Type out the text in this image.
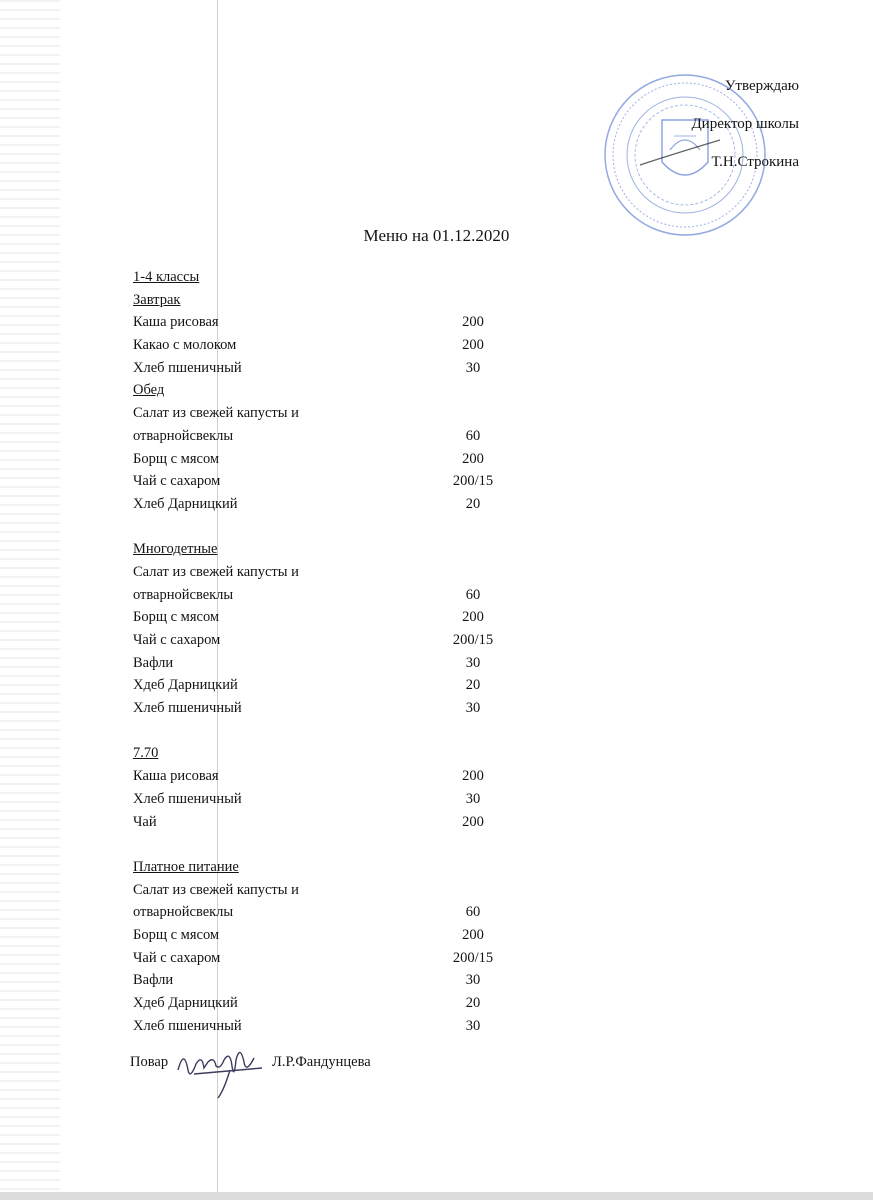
Утверждаю
Директор школы
Т.Н.Строкина
Меню на 01.12.2020
1-4 классы
Завтрак
Каша рисовая	200
Какао с молоком	200
Хлеб пшеничный	30
Обед
Салат из свежей капусты и
отварнойсвеклы	60
Борщ с мясом	200
Чай с сахаром	200/15
Хлеб Дарницкий	20
Многодетные
Салат из свежей капусты и
отварнойсвеклы	60
Борщ с мясом	200
Чай с сахаром	200/15
Вафли	30
Хдеб Дарницкий	20
Хлеб пшеничный	30
7.70
Каша рисовая	200
Хлеб пшеничный	30
Чай	200
Платное питание
Салат из свежей капусты и
отварнойсвеклы	60
Борщ с мясом	200
Чай с сахаром	200/15
Вафли	30
Хдеб Дарницкий	20
Хлеб пшеничный	30
Повар	Л.Р.Фандунцева
